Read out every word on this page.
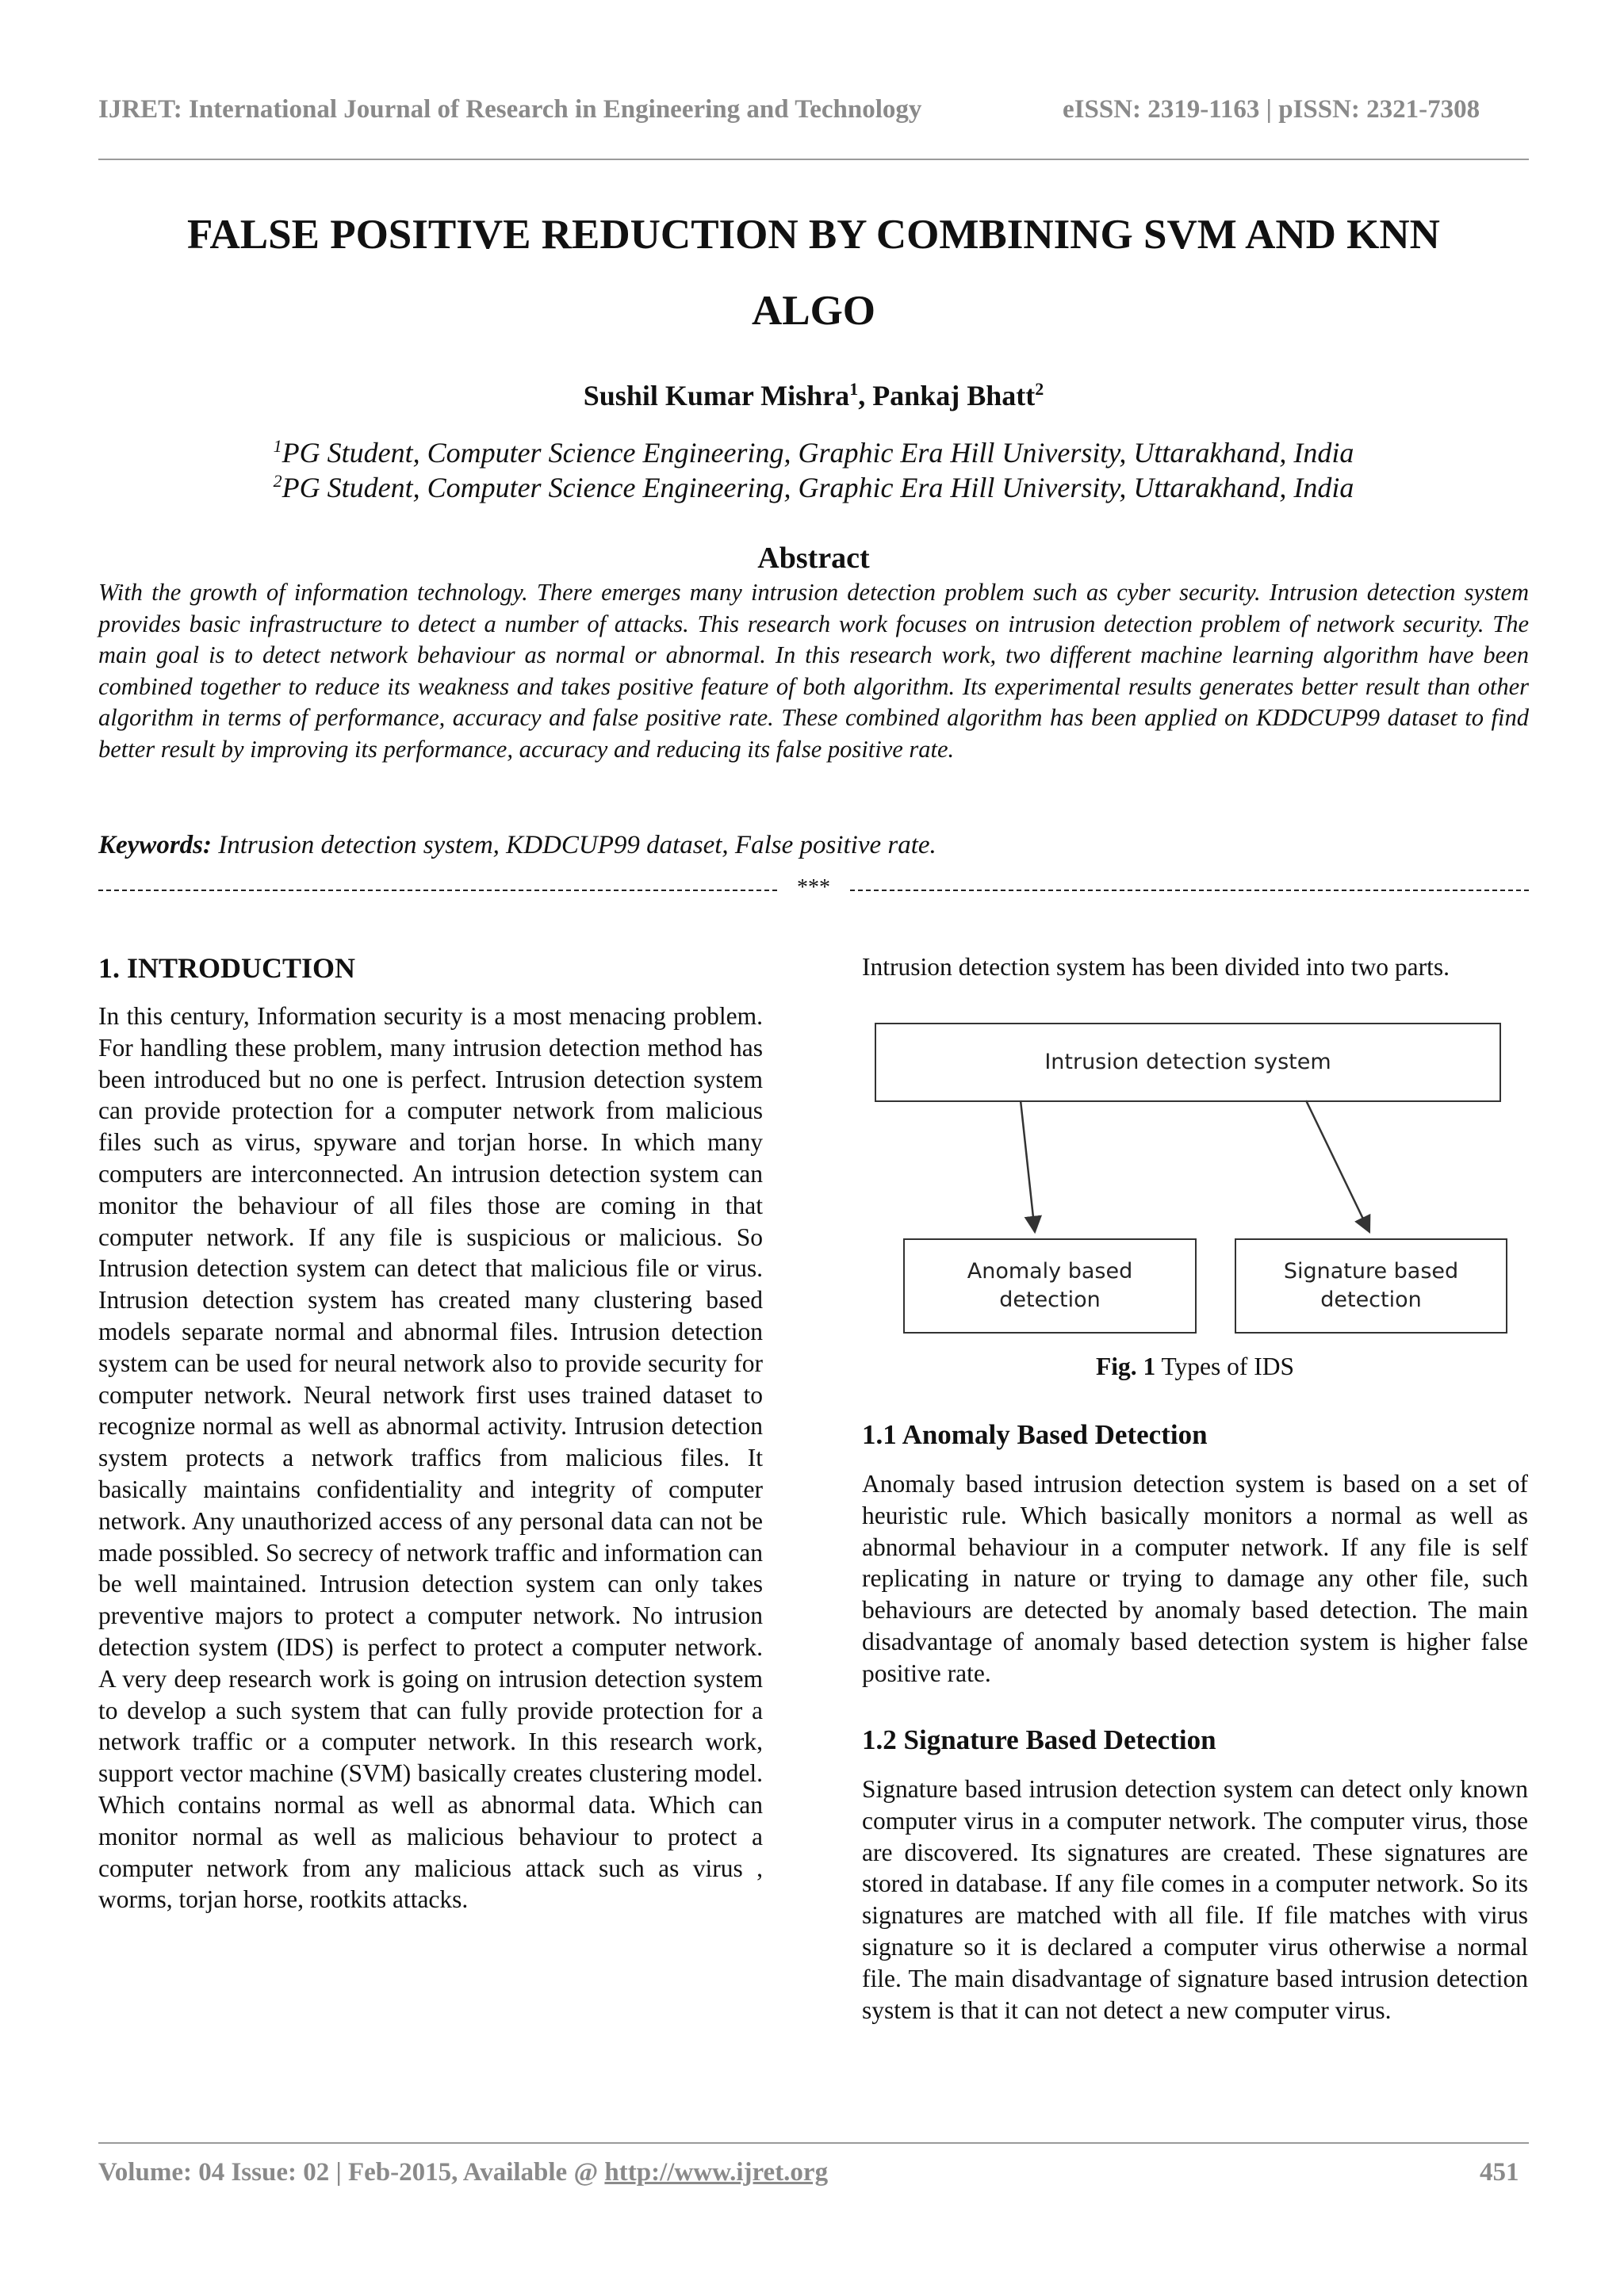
IJRET: International Journal of Research in Engineering and Technology	eISSN: 2319-1163 | pISSN: 2321-7308
FALSE POSITIVE REDUCTION BY COMBINING SVM AND KNN
ALGO
Sushil Kumar Mishra$^1$, Pankaj Bhatt$^2$
$^1$PG Student, Computer Science Engineering, Graphic Era Hill University, Uttarakhand, India
$^2$PG Student, Computer Science Engineering, Graphic Era Hill University, Uttarakhand, India
Abstract
With the growth of information technology. There emerges many intrusion detection problem such as cyber security. Intrusion detection system provides basic infrastructure to detect a number of attacks. This research work focuses on intrusion detection problem of network security. The main goal is to detect network behaviour as normal or abnormal. In this research work, two different machine learning algorithm have been combined together to reduce its weakness and takes positive feature of both algorithm. Its experimental results generates better result than other algorithm in terms of performance, accuracy and false positive rate. These combined algorithm has been applied on KDDCUP99 dataset to find better result by improving its performance, accuracy and reducing its false positive rate.
Keywords: Intrusion detection system, KDDCUP99 dataset, False positive rate.
***
1. INTRODUCTION
In this century, Information security is a most menacing problem. For handling these problem, many intrusion detection method has been introduced but no one is perfect. Intrusion detection system can provide protection for a computer network from malicious files such as virus, spyware and torjan horse. In which many computers are interconnected. An intrusion detection system can monitor the behaviour of all files those are coming in that computer network. If any file is suspicious or malicious. So Intrusion detection system can detect that malicious file or virus. Intrusion detection system has created many clustering based models separate normal and abnormal files. Intrusion detection system can be used for neural network also to provide security for computer network. Neural network first uses trained dataset to recognize normal as well as abnormal activity. Intrusion detection system protects a network traffics from malicious files. It basically maintains confidentiality and integrity of computer network. Any unauthorized access of any personal data can not be made possibled. So secrecy of network traffic and information can be well maintained. Intrusion detection system can only takes preventive majors to protect a computer network. No intrusion detection system (IDS) is perfect to protect a computer network. A very deep research work is going on intrusion detection system to develop a such system that can fully provide protection for a network traffic or a computer network. In this research work, support vector machine (SVM) basically creates clustering model. Which contains normal as well as abnormal data. Which can monitor normal as well as malicious behaviour to protect a computer network from any malicious attack such as virus , worms, torjan horse, rootkits attacks.
Intrusion detection system has been divided into two parts.
Intrusion detection system
Anomaly based
detection
Signature based
detection
Fig. 1 Types of IDS
1.1 Anomaly Based Detection
Anomaly based intrusion detection system is based on a set of heuristic rule. Which basically monitors a normal as well as abnormal behaviour in a computer network. If any file is self replicating in nature or trying to damage any other file, such behaviours are detected by anomaly based detection. The main disadvantage of anomaly based detection system is higher false positive rate.
1.2 Signature Based Detection
Signature based intrusion detection system can detect only known computer virus in a computer network. The computer virus, those are discovered. Its signatures are created. These signatures are stored in database. If any file comes in a computer network. So its signatures are matched with all file. If file matches with virus signature so it is declared a computer virus otherwise a normal file. The main disadvantage of signature based intrusion detection system is that it can not detect a new computer virus.
Volume: 04 Issue: 02 | Feb-2015, Available @ http://www.ijret.org	451
